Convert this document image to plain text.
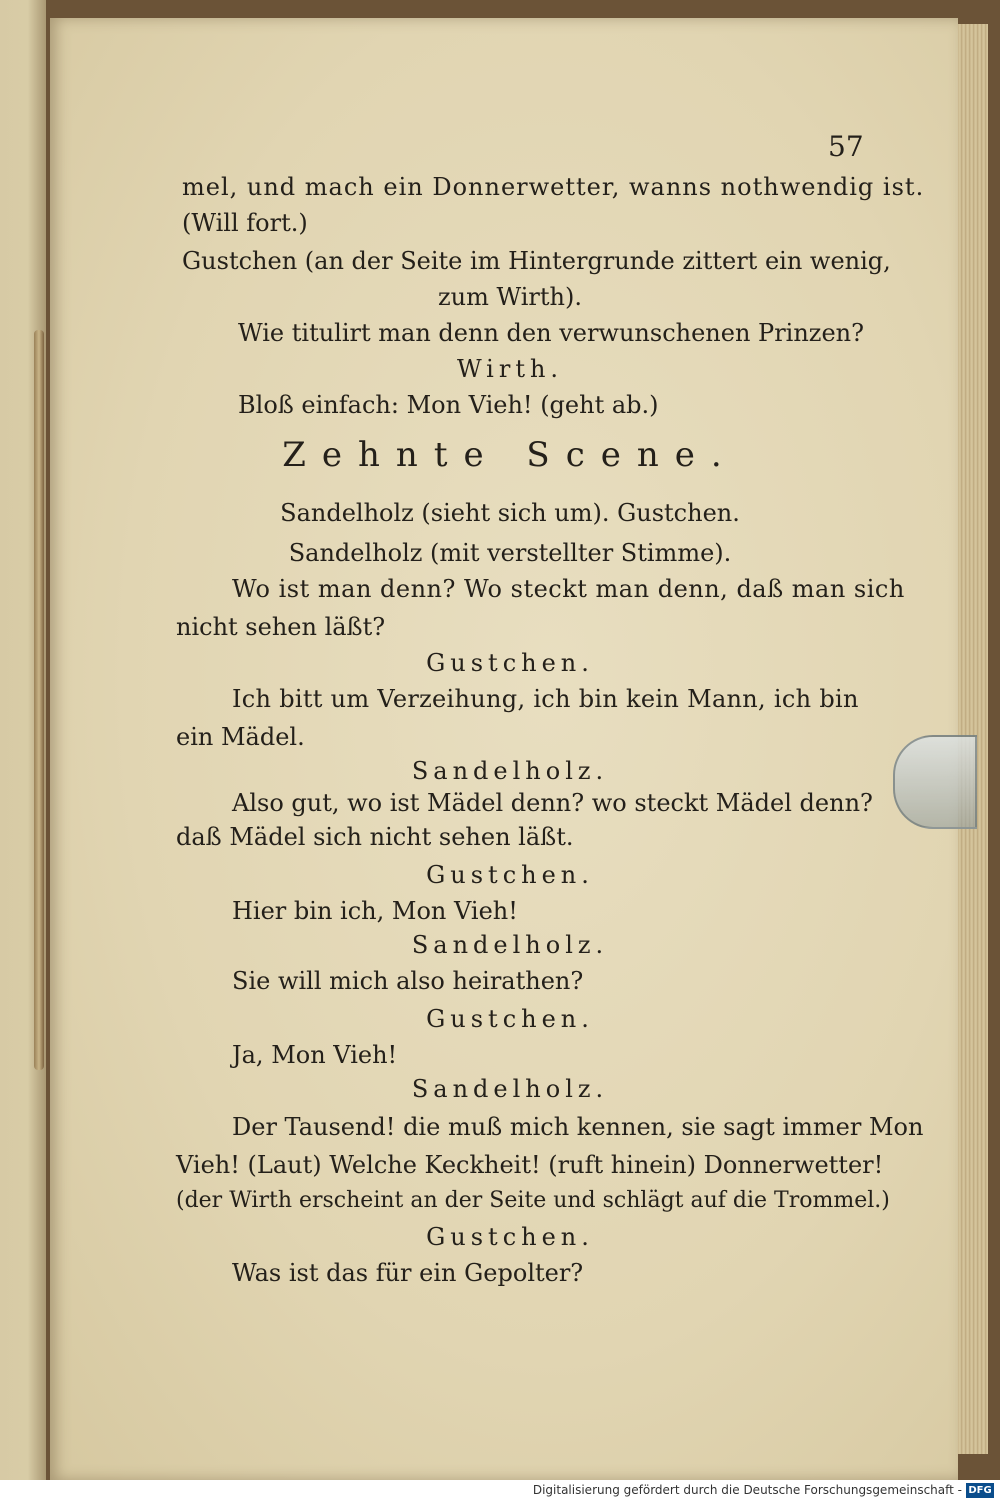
57
mel, und mach ein Donnerwetter, wanns nothwendig ist.
(Will fort.)
Gustchen (an der Seite im Hintergrunde zittert ein wenig,
zum Wirth).
Wie titulirt man denn den verwunschenen Prinzen?
Wirth.
Bloß einfach: Mon Vieh! (geht ab.)
Zehnte Scene.
Sandelholz (sieht sich um). Gustchen.
Sandelholz (mit verstellter Stimme).
Wo ist man denn? Wo steckt man denn, daß man sich
nicht sehen läßt?
Gustchen.
Ich bitt um Verzeihung, ich bin kein Mann, ich bin
ein Mädel.
Sandelholz.
Also gut, wo ist Mädel denn? wo steckt Mädel denn?
daß Mädel sich nicht sehen läßt.
Gustchen.
Hier bin ich, Mon Vieh!
Sandelholz.
Sie will mich also heirathen?
Gustchen.
Ja, Mon Vieh!
Sandelholz.
Der Tausend! die muß mich kennen, sie sagt immer Mon
Vieh! (Laut) Welche Keckheit! (ruft hinein) Donnerwetter!
(der Wirth erscheint an der Seite und schlägt auf die Trommel.)
Gustchen.
Was ist das für ein Gepolter?
Digitalisierung gefördert durch die Deutsche Forschungsgemeinschaft - DFG
